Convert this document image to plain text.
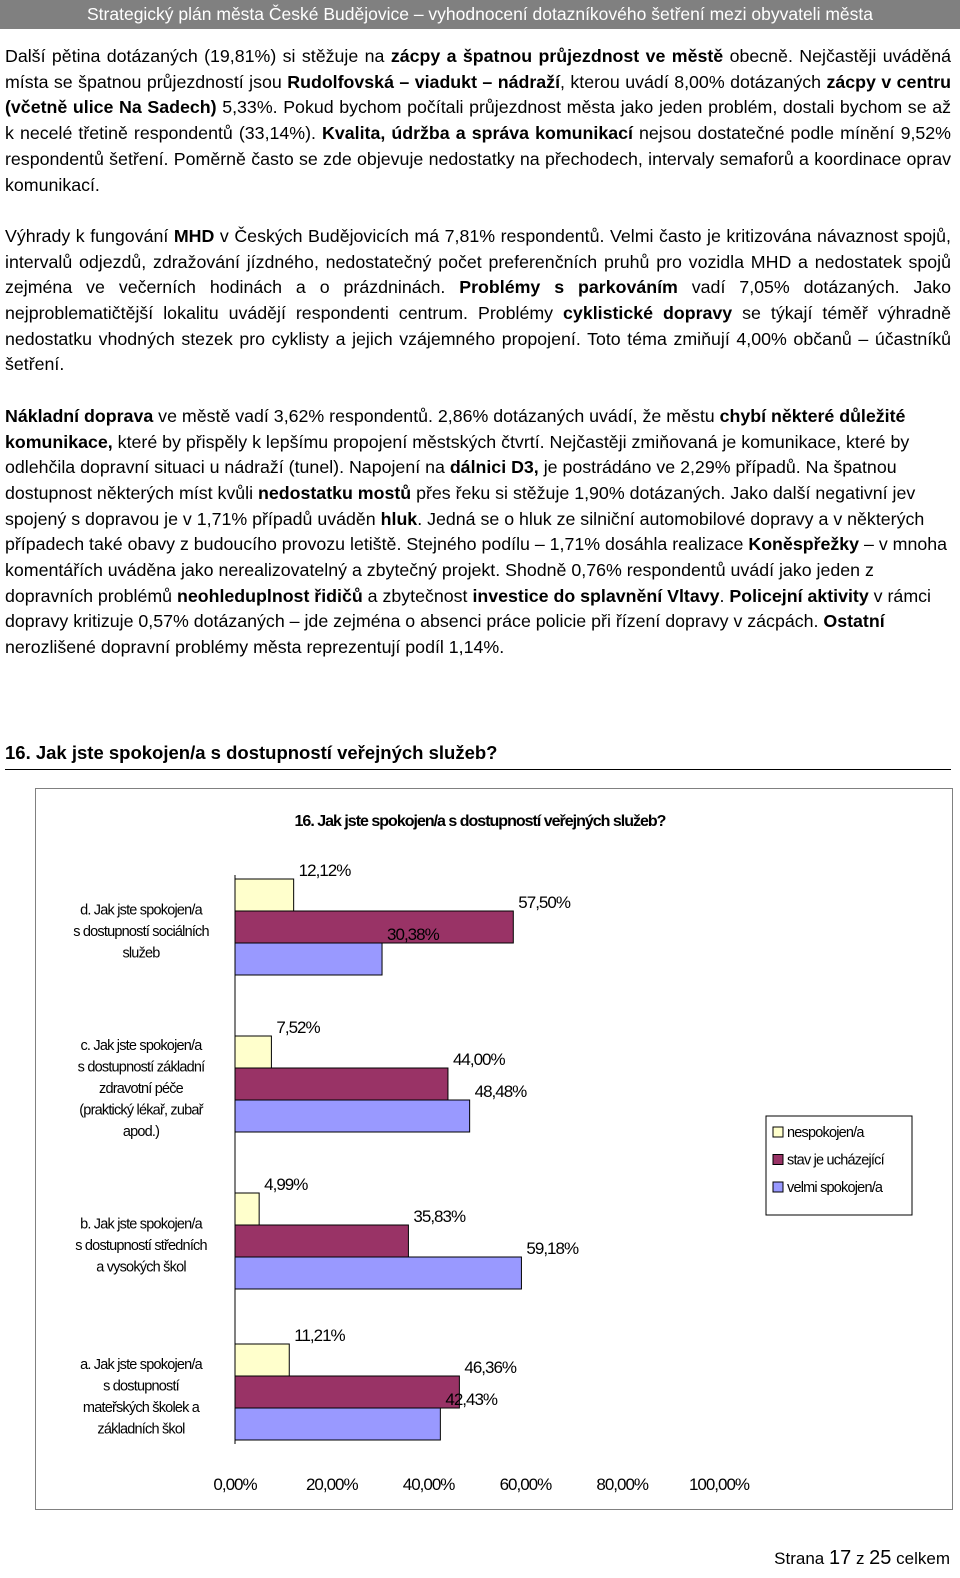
Strategický plán města České Budějovice – vyhodnocení dotazníkového šetření mezi obyvateli města

Další pětina dotázaných (19,81%) si stěžuje na zácpy a špatnou průjezdnost ve městě obecně. Nejčastěji uváděná místa se špatnou průjezdností jsou Rudolfovská – viadukt – nádraží, kterou uvádí 8,00% dotázaných zácpy v centru (včetně ulice Na Sadech) 5,33%. Pokud bychom počítali průjezdnost města jako jeden problém, dostali bychom se až k necelé třetině respondentů (33,14%). Kvalita, údržba a správa komunikací nejsou dostatečné podle mínění 9,52% respondentů šetření. Poměrně často se zde objevuje nedostatky na přechodech, intervaly semaforů a koordinace oprav komunikací.

Výhrady k fungování MHD v Českých Budějovicích má 7,81% respondentů. Velmi často je kritizována návaznost spojů, intervalů odjezdů, zdražování jízdného, nedostatečný počet preferenčních pruhů pro vozidla MHD a nedostatek spojů zejména ve večerních hodinách a o prázdninách. Problémy s parkováním vadí 7,05% dotázaných. Jako nejproblematičtější lokalitu uvádějí respondenti centrum. Problémy cyklistické dopravy se týkají téměř výhradně nedostatku vhodných stezek pro cyklisty a jejich vzájemného propojení. Toto téma zmiňují 4,00% občanů – účastníků šetření.

Nákladní doprava ve městě vadí 3,62% respondentů. 2,86% dotázaných uvádí, že městu chybí některé důležité komunikace, které by přispěly k lepšímu propojení městských čtvrtí. Nejčastěji zmiňovaná je komunikace, které by odlehčila dopravní situaci u nádraží (tunel). Napojení na dálnici D3, je postrádáno ve 2,29% případů. Na špatnou dostupnost některých míst kvůli nedostatku mostů přes řeku si stěžuje 1,90% dotázaných. Jako další negativní jev spojený s dopravou je v 1,71% případů uváděn hluk. Jedná se o hluk ze silniční automobilové dopravy a v některých případech také obavy z budoucího provozu letiště. Stejného podílu – 1,71% dosáhla realizace Koněspřežky – v mnoha komentářích uváděna jako nerealizovatelný a zbytečný projekt. Shodně 0,76% respondentů uvádí jako jeden z dopravních problémů neohleduplnost řidičů a zbytečnost investice do splavnění Vltavy. Policejní aktivity v rámci dopravy kritizuje 0,57% dotázaných – jde zejména o absenci práce policie při řízení dopravy v zácpách. Ostatní nerozlišené dopravní problémy města reprezentují podíl 1,14%.

16. Jak jste spokojen/a s dostupností veřejných služeb?
16. Jak jste spokojen/a s dostupností veřejných služeb?
d. Jak jste spokojen/a
s dostupností sociálních
služeb
c. Jak jste spokojen/a
s dostupností základní
zdravotní péče
(praktický lékař, zubař
apod.)
b. Jak jste spokojen/a
s dostupností středních
a vysokých škol
a. Jak jste spokojen/a
s dostupností
mateřských školek a
základních škol
12,12%
7,52%
4,99%
11,21%
57,50%
44,00%
35,83%
46,36%
30,38%
48,48%
59,18%
42,43%
0,00%	20,00%	40,00%	60,00%	80,00% 100,00%
nespokojen/a
stav je ucházející
velmi spokojen/a
Strana 17 z 25 celkem
